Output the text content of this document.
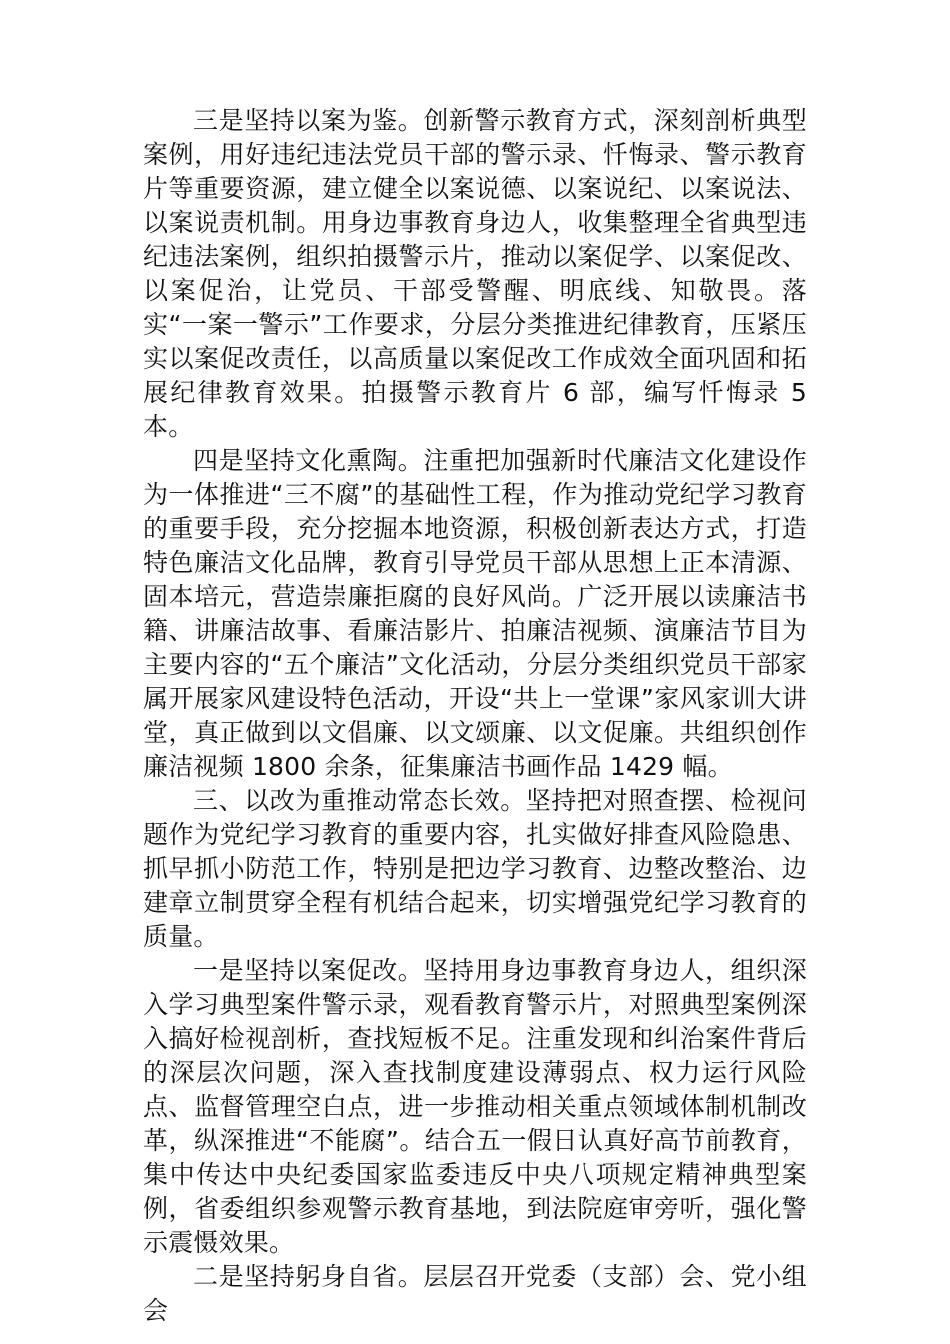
三是坚持以案为鉴。创新警示教育方式，深刻剖析典型案例，用好违纪违法党员干部的警示录、忏悔录、警示教育片等重要资源，建立健全以案说德、以案说纪、以案说法、以案说责机制。用身边事教育身边人，收集整理全省典型违纪违法案例，组织拍摄警示片，推动以案促学、以案促改、以案促治，让党员、干部受警醒、明底线、知敬畏。落实“一案一警示”工作要求，分层分类推进纪律教育，压紧压实以案促改责任，以高质量以案促改工作成效全面巩固和拓展纪律教育效果。拍摄警示教育片 6 部，编写忏悔录 5 本。

四是坚持文化熏陶。注重把加强新时代廉洁文化建设作为一体推进“三不腐”的基础性工程，作为推动党纪学习教育的重要手段，充分挖掘本地资源，积极创新表达方式，打造特色廉洁文化品牌，教育引导党员干部从思想上正本清源、固本培元，营造崇廉拒腐的良好风尚。广泛开展以读廉洁书籍、讲廉洁故事、看廉洁影片、拍廉洁视频、演廉洁节目为主要内容的“五个廉洁”文化活动，分层分类组织党员干部家属开展家风建设特色活动，开设“共上一堂课”家风家训大讲堂，真正做到以文倡廉、以文颂廉、以文促廉。共组织创作廉洁视频 1800 余条，征集廉洁书画作品 1429 幅。

三、以改为重推动常态长效。坚持把对照查摆、检视问题作为党纪学习教育的重要内容，扎实做好排查风险隐患、抓早抓小防范工作，特别是把边学习教育、边整改整治、边建章立制贯穿全程有机结合起来，切实增强党纪学习教育的质量。

一是坚持以案促改。坚持用身边事教育身边人，组织深入学习典型案件警示录，观看教育警示片，对照典型案例深入搞好检视剖析，查找短板不足。注重发现和纠治案件背后的深层次问题，深入查找制度建设薄弱点、权力运行风险点、监督管理空白点，进一步推动相关重点领域体制机制改革，纵深推进“不能腐”。结合五一假日认真好高节前教育，集中传达中央纪委国家监委违反中央八项规定精神典型案例，省委组织参观警示教育基地，到法院庭审旁听，强化警示震慑效果。

二是坚持躬身自省。层层召开党委（支部）会、党小组会
